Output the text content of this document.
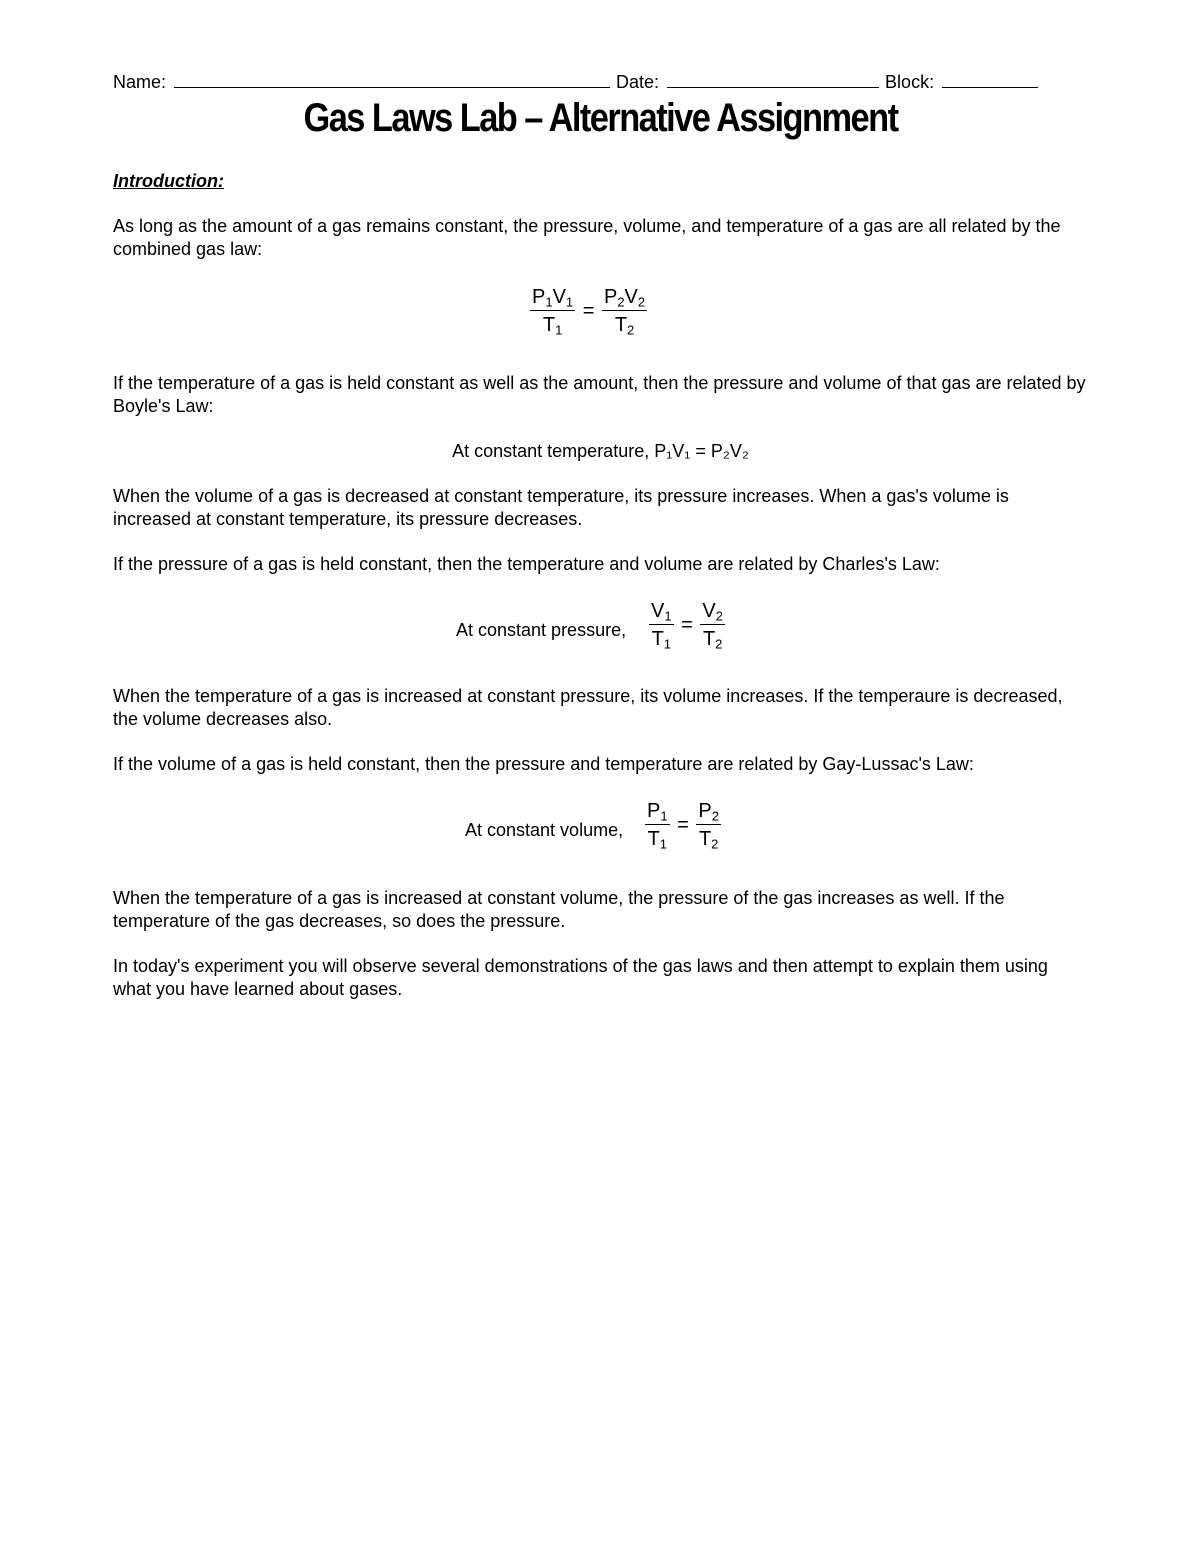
Name:	Date:	Block:
Gas Laws Lab – Alternative Assignment
Introduction:
As long as the amount of a gas remains constant, the pressure, volume, and temperature of a gas are all related by the combined gas law:
$\frac{P_1V_1}{T_1} = \frac{P_2V_2}{T_2}$
If the temperature of a gas is held constant as well as the amount, then the pressure and volume of that gas are related by Boyle's Law:
At constant temperature, P₁V₁ = P₂V₂
When the volume of a gas is decreased at constant temperature, its pressure increases. When a gas's volume is increased at constant temperature, its pressure decreases.
If the pressure of a gas is held constant, then the temperature and volume are related by Charles's Law:
At constant pressure, $\frac{V_1}{T_1} = \frac{V_2}{T_2}$
When the temperature of a gas is increased at constant pressure, its volume increases. If the temperaure is decreased, the volume decreases also.
If the volume of a gas is held constant, then the pressure and temperature are related by Gay-Lussac's Law:
At constant volume, $\frac{P_1}{T_1} = \frac{P_2}{T_2}$
When the temperature of a gas is increased at constant volume, the pressure of the gas increases as well. If the temperature of the gas decreases, so does the pressure.
In today's experiment you will observe several demonstrations of the gas laws and then attempt to explain them using what you have learned about gases.
